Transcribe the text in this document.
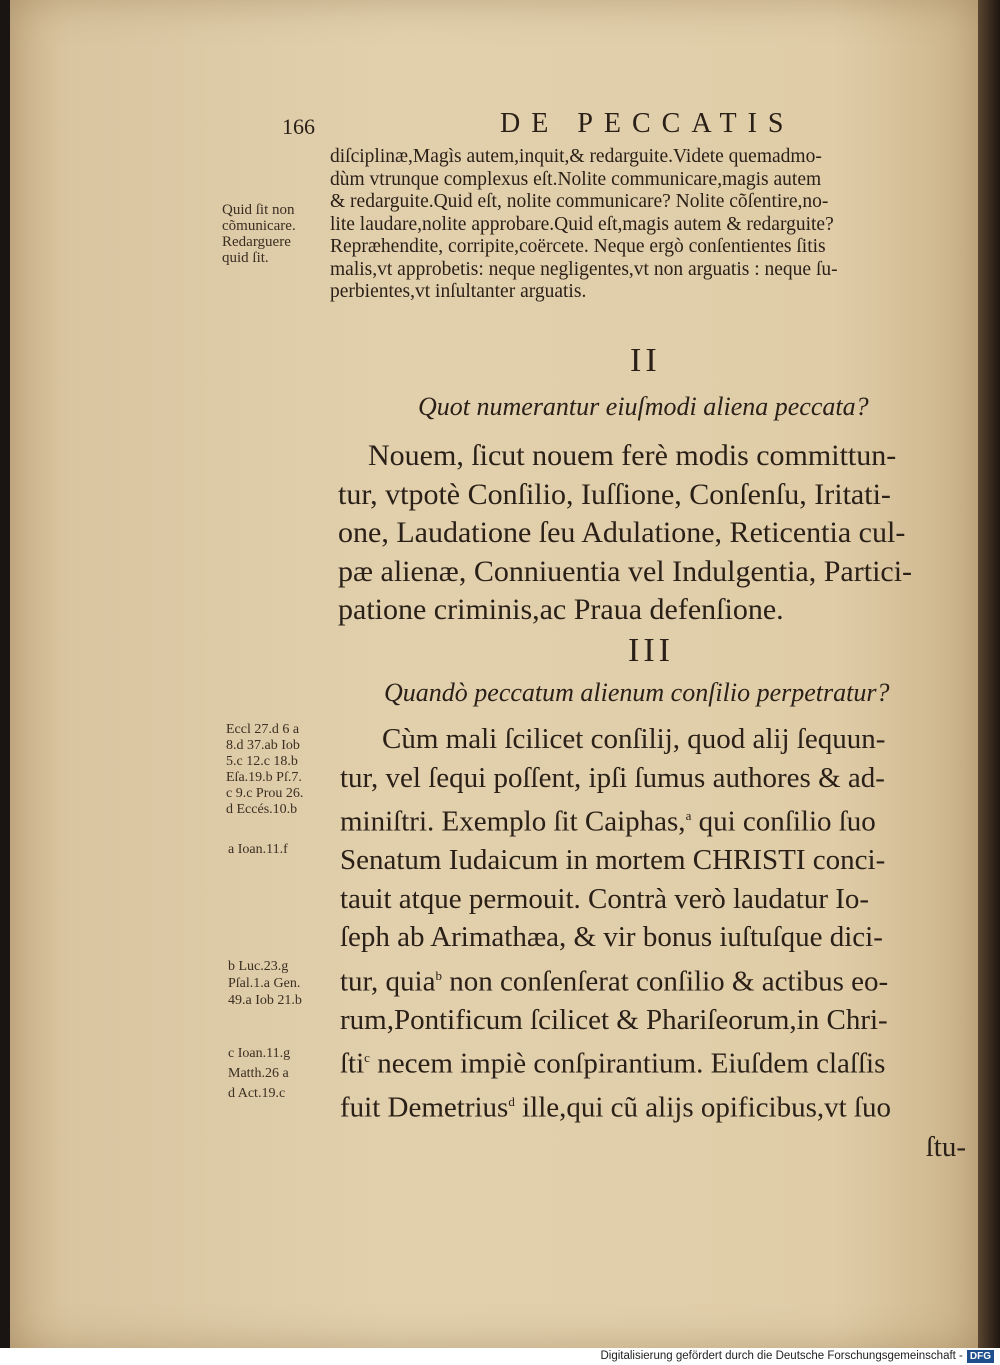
166	DE PECCATIS
diſciplinæ,Magìs autem,inquit,& redarguite.Videte quemadmo-
dùm vtrunque complexus eſt.Nolite communicare,magis autem
& redarguite.Quid eſt, nolite communicare? Nolite cõſentire,no-
lite laudare,nolite approbare.Quid eſt,magis autem & redarguite?
Repræhendite, corripite,coërcete. Neque ergò conſentientes ſitis
malis,vt approbetis: neque negligentes,vt non arguatis : neque ſu-
perbientes,vt inſultanter arguatis.
Quid ſit non
cõmunicare.
Redarguere
quid ſit.
II
Quot numerantur eiuſmodi aliena peccata?
Nouem, ſicut nouem ferè modis committun-
tur, vtpotè Conſilio, Iuſſione, Conſenſu, Iritati-
one, Laudatione ſeu Adulatione, Reticentia cul-
pæ alienæ, Conniuentia vel Indulgentia, Partici-
patione criminis,ac Praua defenſione.
III
Quandò peccatum alienum conſilio perpetratur?
Cùm mali ſcilicet conſilij, quod alij ſequun-
tur, vel ſequi poſſent, ipſi ſumus authores & ad-
miniſtri. Exemplo ſit Caiphas,$^a$ qui conſilio ſuo
Senatum Iudaicum in mortem CHRISTI conci-
tauit atque permouit. Contrà verò laudatur Io-
ſeph ab Arimathæa, & vir bonus iuſtuſque dici-
tur, quia$^b$ non conſenſerat conſilio & actibus eo-
rum,Pontificum ſcilicet & Phariſeorum,in Chri-
ſti$^c$ necem impiè conſpirantium. Eiuſdem claſſis
fuit Demetrius$^d$ ille,qui cũ alijs opificibus,vt ſuo
ſtu-
Eccl 27.d 6 a
8.d 37.ab Iob
5.c 12.c 18.b
Eſa.19.b Pſ.7.
c 9.c Prou 26.
d Eccés.10.b
a Ioan.11.f
b Luc.23.g
Pſal.1.a Gen.
49.a Iob 21.b
c Ioan.11.g
Matth.26 a
d Act.19.c
Digitalisierung gefördert durch die Deutsche Forschungsgemeinschaft - DFG
